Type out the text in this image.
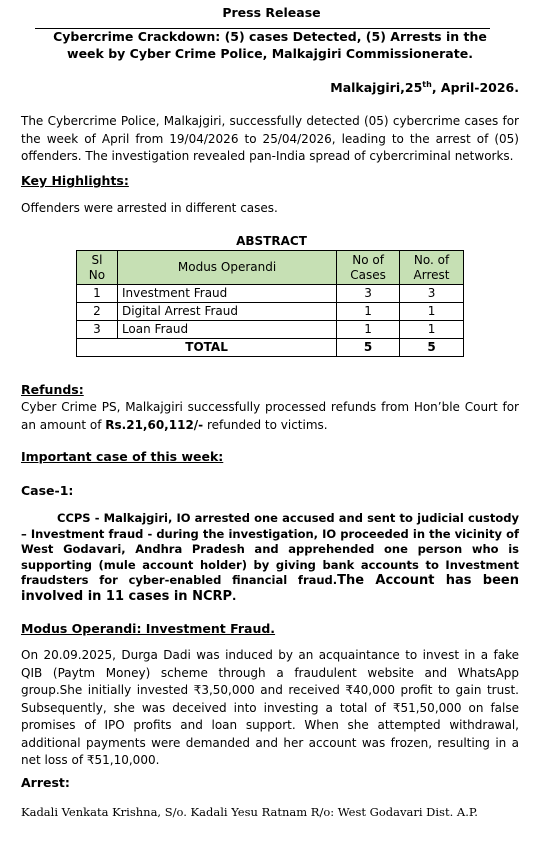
Press Release
Cybercrime Crackdown: (5) cases Detected, (5) Arrests in the
week by Cyber Crime Police, Malkajgiri Commissionerate.
Malkajgiri,25th, April-2026.
The Cybercrime Police, Malkajgiri, successfully detected (05) cybercrime cases for the week of April from 19/04/2026 to 25/04/2026, leading to the arrest of (05) offenders. The investigation revealed pan-India spread of cybercriminal networks.
Key Highlights:
Offenders were arrested in different cases.
ABSTRACT
Sl No	Modus Operandi	No of Cases	No. of Arrest
1	Investment Fraud	3	3
2	Digital Arrest Fraud	1	1
3	Loan Fraud	1	1
TOTAL		5	5
Refunds:
Cyber Crime PS, Malkajgiri successfully processed refunds from Hon’ble Court for an amount of Rs.21,60,112/- refunded to victims.
Important case of this week:
Case-1:
CCPS - Malkajgiri, IO arrested one accused and sent to judicial custody – Investment fraud - during the investigation, IO proceeded in the vicinity of West Godavari, Andhra Pradesh and apprehended one person who is supporting (mule account holder) by giving bank accounts to Investment fraudsters for cyber-enabled financial fraud.The Account has been involved in 11 cases in NCRP.
Modus Operandi: Investment Fraud.
On 20.09.2025, Durga Dadi was induced by an acquaintance to invest in a fake QIB (Paytm Money) scheme through a fraudulent website and WhatsApp group.She initially invested ₹3,50,000 and received ₹40,000 profit to gain trust. Subsequently, she was deceived into investing a total of ₹51,50,000 on false promises of IPO profits and loan support. When she attempted withdrawal, additional payments were demanded and her account was frozen, resulting in a net loss of ₹51,10,000.
Arrest:
Kadali Venkata Krishna, S/o. Kadali Yesu Ratnam R/o: West Godavari Dist. A.P.
